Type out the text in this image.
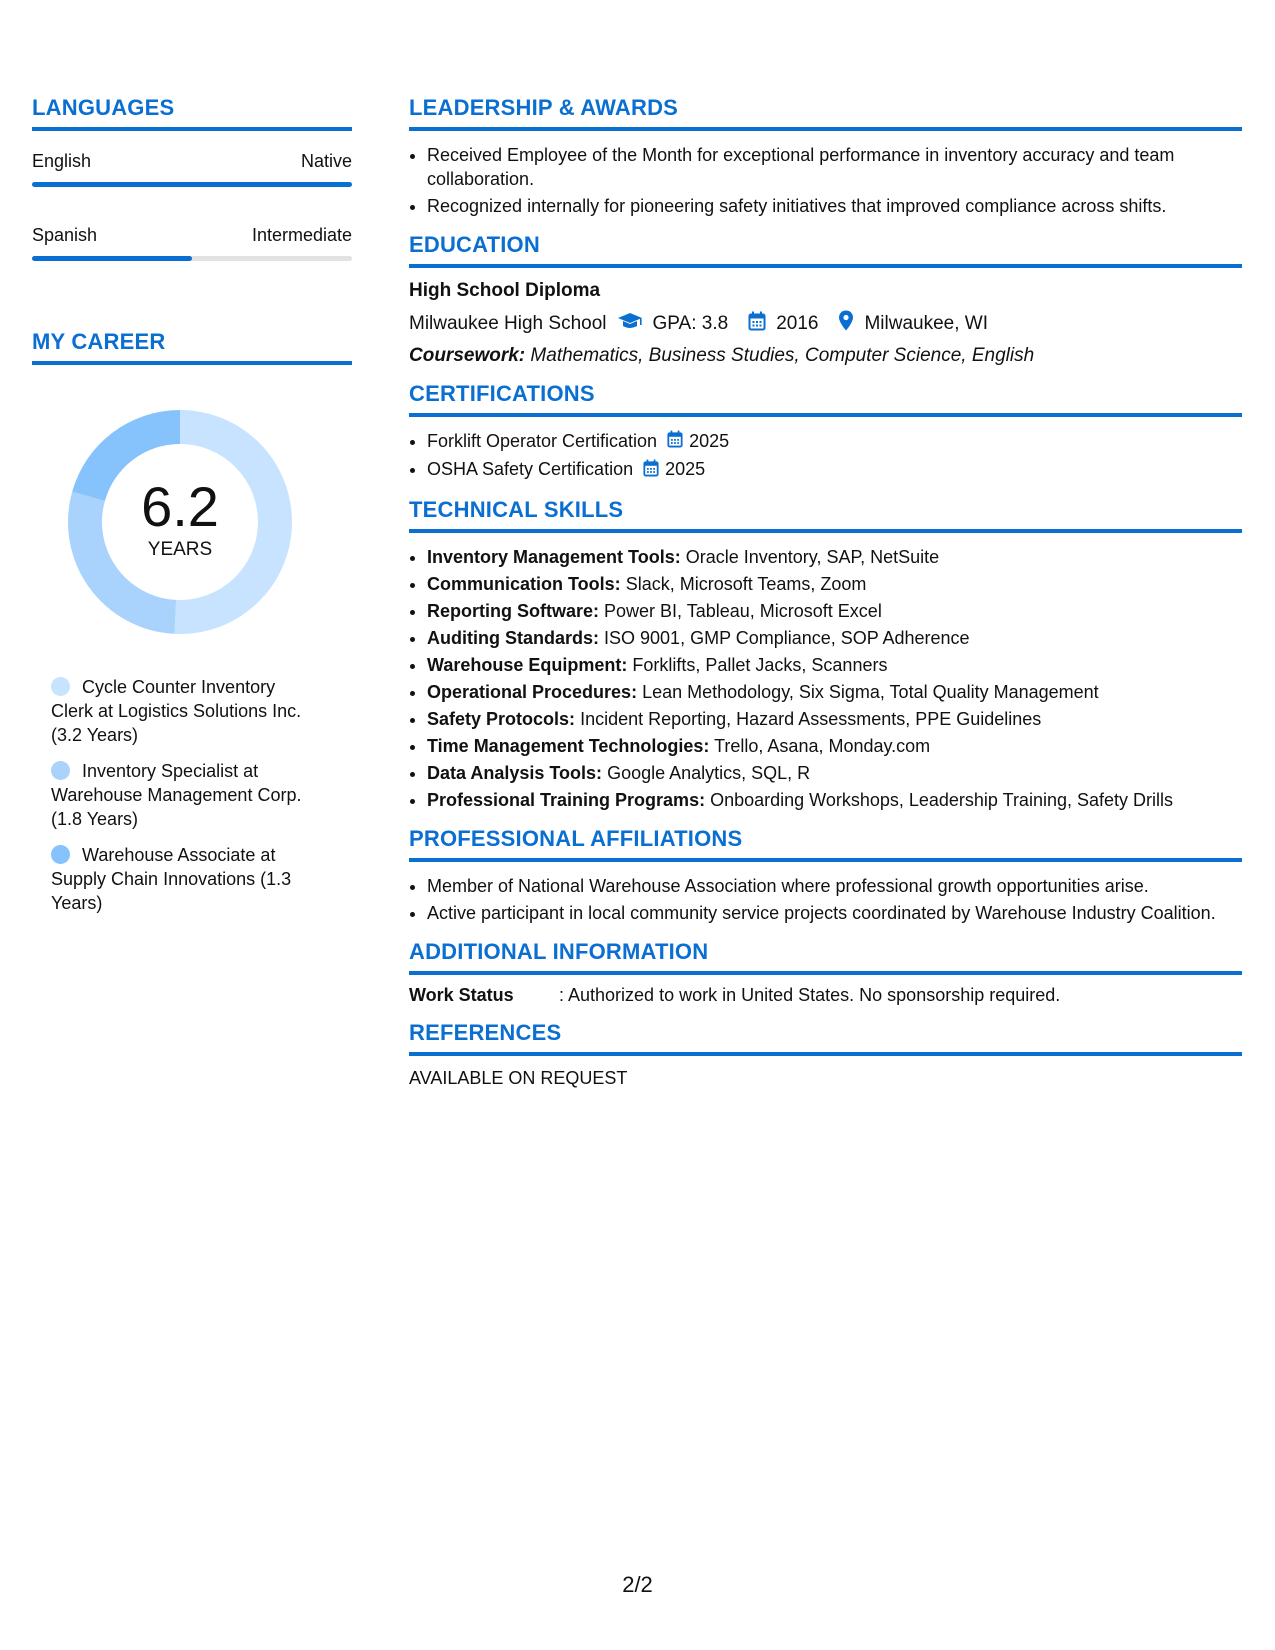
LANGUAGES
English	Native
Spanish	Intermediate
MY CAREER
6.2
YEARS
Cycle Counter Inventory Clerk at Logistics Solutions Inc. (3.2 Years)
Inventory Specialist at Warehouse Management Corp. (1.8 Years)
Warehouse Associate at Supply Chain Innovations (1.3 Years)
LEADERSHIP & AWARDS
• Received Employee of the Month for exceptional performance in inventory accuracy and team collaboration.
• Recognized internally for pioneering safety initiatives that improved compliance across shifts.
EDUCATION
High School Diploma
Milwaukee High School GPA: 3.8	2016 Milwaukee, WI
Coursework: Mathematics, Business Studies, Computer Science, English
CERTIFICATIONS
• Forklift Operator Certification 2025
• OSHA Safety Certification 2025
TECHNICAL SKILLS
• Inventory Management Tools: Oracle Inventory, SAP, NetSuite
• Communication Tools: Slack, Microsoft Teams, Zoom
• Reporting Software: Power BI, Tableau, Microsoft Excel
• Auditing Standards: ISO 9001, GMP Compliance, SOP Adherence
• Warehouse Equipment: Forklifts, Pallet Jacks, Scanners
• Operational Procedures: Lean Methodology, Six Sigma, Total Quality Management
• Safety Protocols: Incident Reporting, Hazard Assessments, PPE Guidelines
• Time Management Technologies: Trello, Asana, Monday.com
• Data Analysis Tools: Google Analytics, SQL, R
• Professional Training Programs: Onboarding Workshops, Leadership Training, Safety Drills
PROFESSIONAL AFFILIATIONS
• Member of National Warehouse Association where professional growth opportunities arise.
• Active participant in local community service projects coordinated by Warehouse Industry Coalition.
ADDITIONAL INFORMATION
Work Status	: Authorized to work in United States. No sponsorship required.
REFERENCES
AVAILABLE ON REQUEST
2/2
